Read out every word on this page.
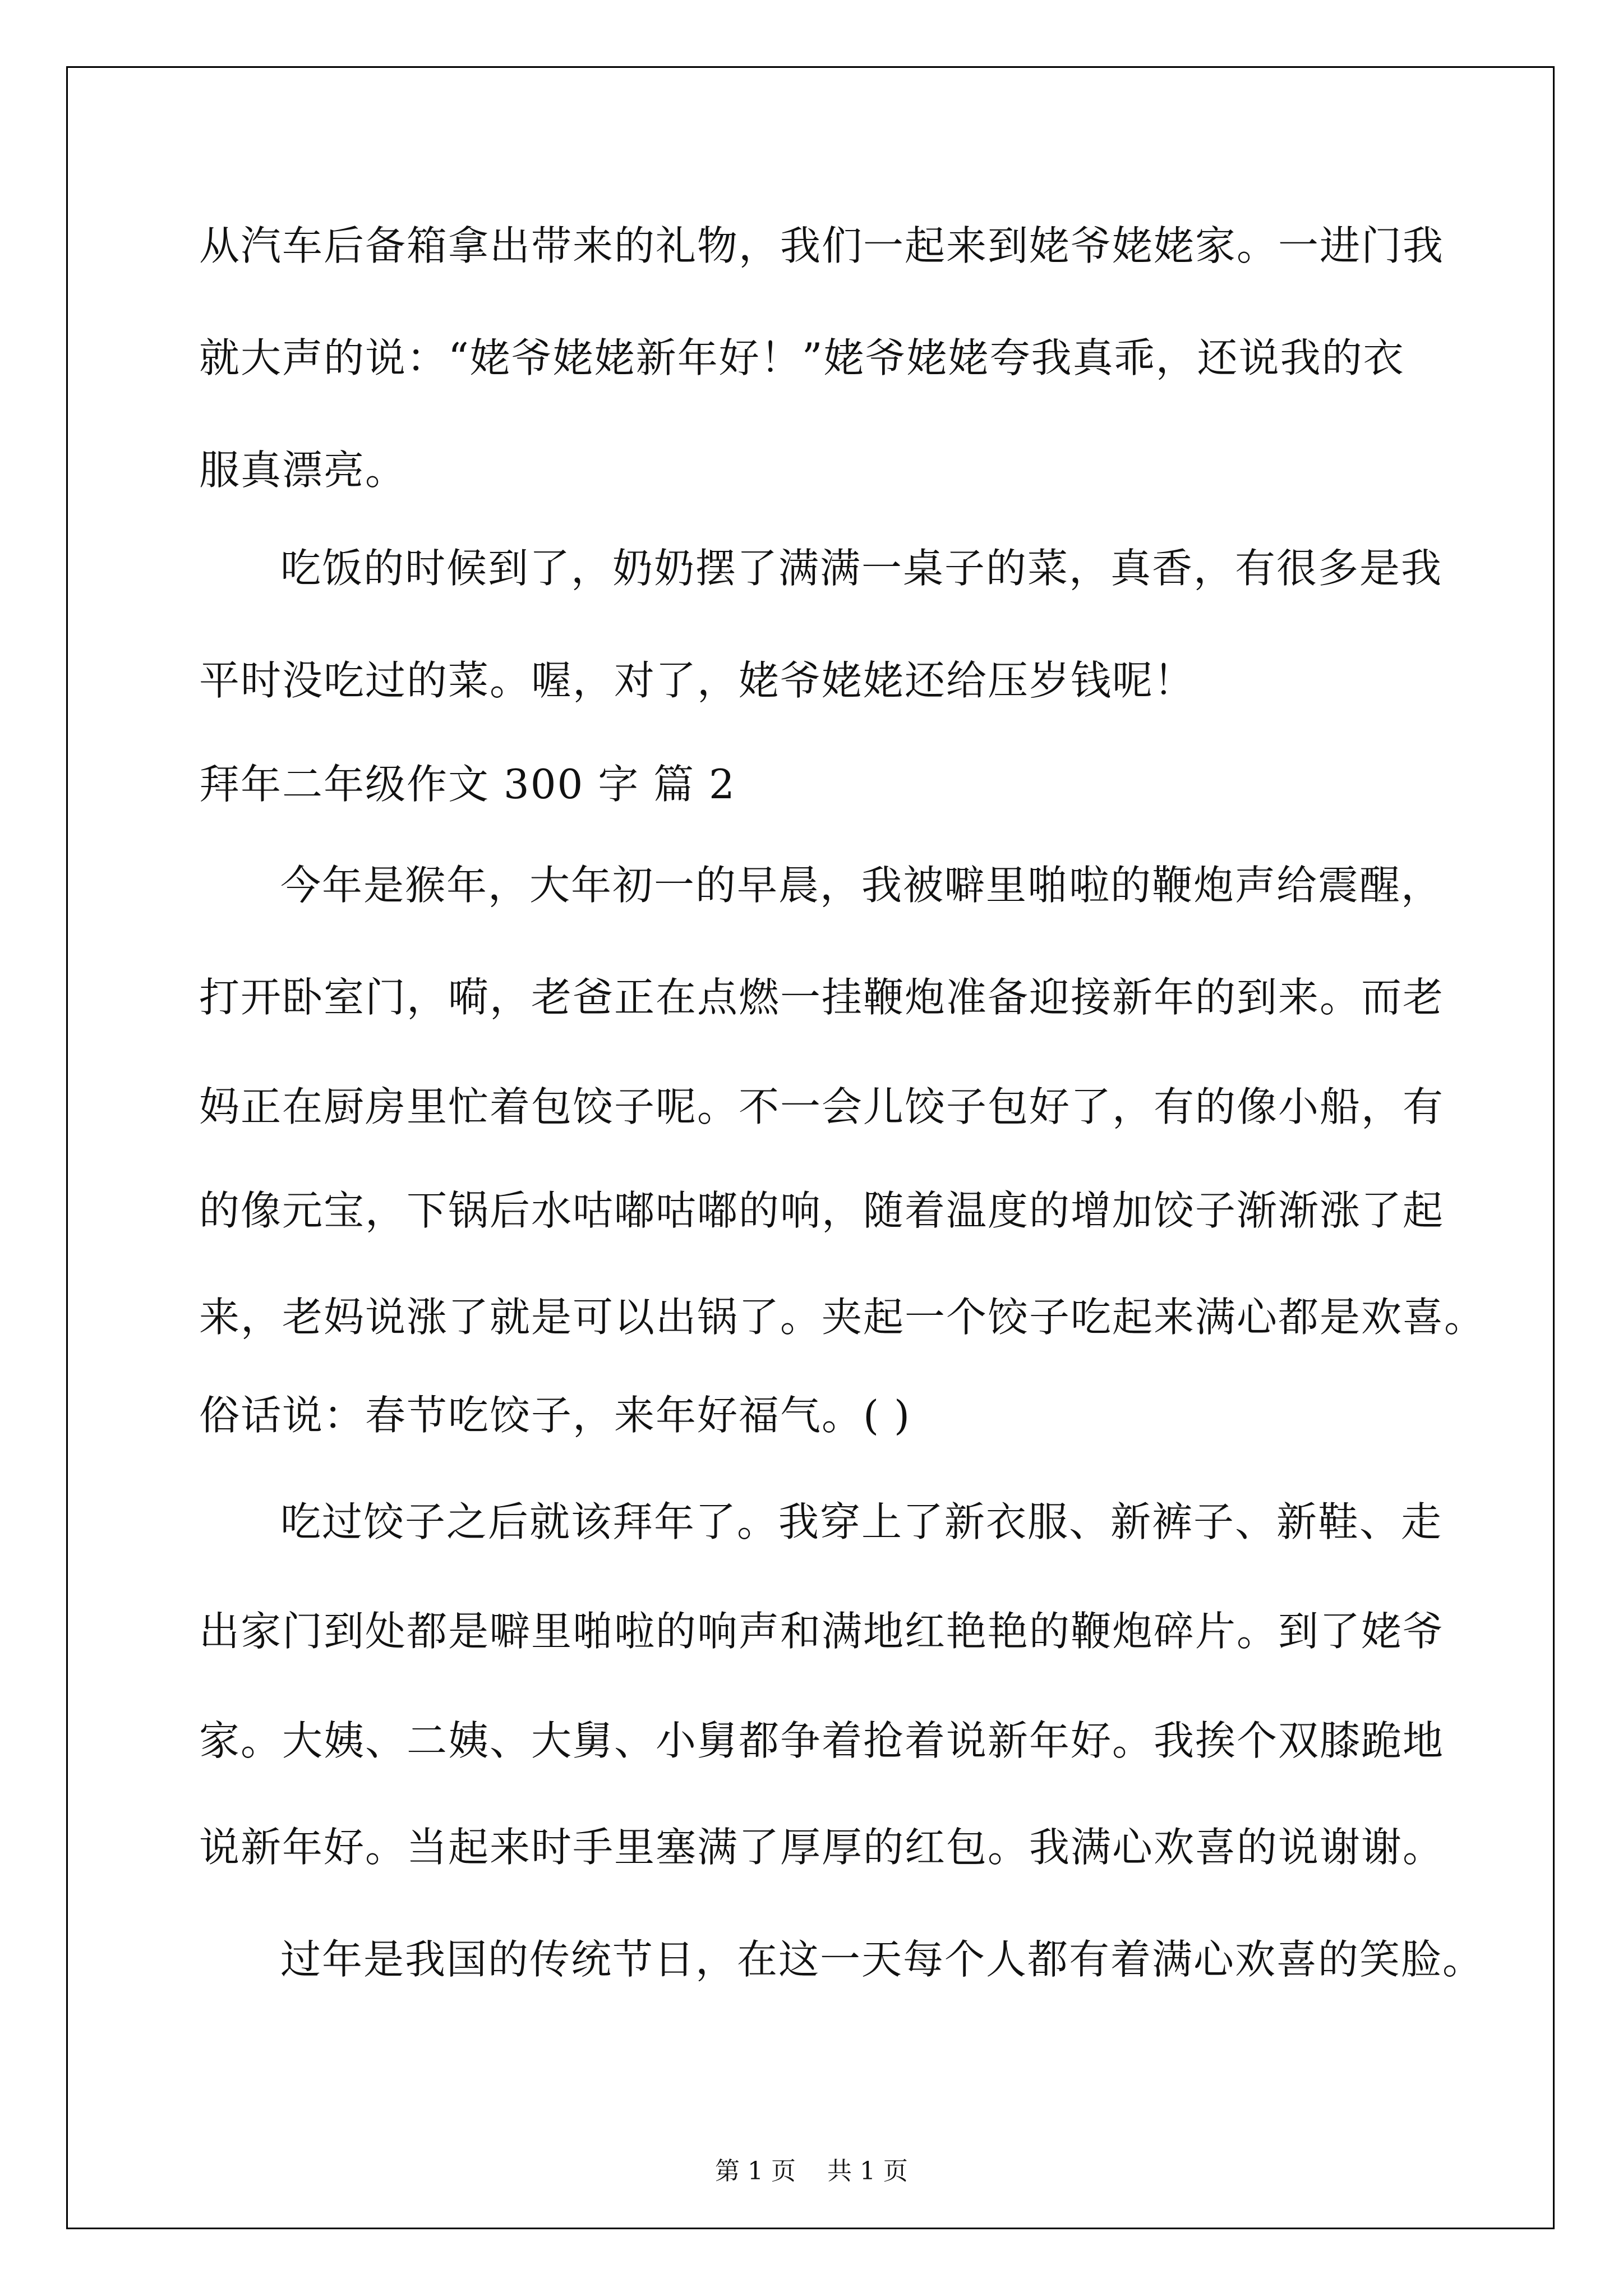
从汽车后备箱拿出带来的礼物，我们一起来到姥爷姥姥家。一进门我
就大声的说：“姥爷姥姥新年好！”姥爷姥姥夸我真乖，还说我的衣
服真漂亮。
吃饭的时候到了，奶奶摆了满满一桌子的菜，真香，有很多是我
平时没吃过的菜。喔，对了，姥爷姥姥还给压岁钱呢！
拜年二年级作文 300 字 篇 2
今年是猴年，大年初一的早晨，我被噼里啪啦的鞭炮声给震醒，
打开卧室门，嗬，老爸正在点燃一挂鞭炮准备迎接新年的到来。而老
妈正在厨房里忙着包饺子呢。不一会儿饺子包好了，有的像小船，有
的像元宝，下锅后水咕嘟咕嘟的响，随着温度的增加饺子渐渐涨了起
来，老妈说涨了就是可以出锅了。夹起一个饺子吃起来满心都是欢喜。
俗话说：春节吃饺子，来年好福气。( )
吃过饺子之后就该拜年了。我穿上了新衣服、新裤子、新鞋、走
出家门到处都是噼里啪啦的响声和满地红艳艳的鞭炮碎片。到了姥爷
家。大姨、二姨、大舅、小舅都争着抢着说新年好。我挨个双膝跪地
说新年好。当起来时手里塞满了厚厚的红包。我满心欢喜的说谢谢。
过年是我国的传统节日，在这一天每个人都有着满心欢喜的笑脸。
第 1 页    共 1 页
